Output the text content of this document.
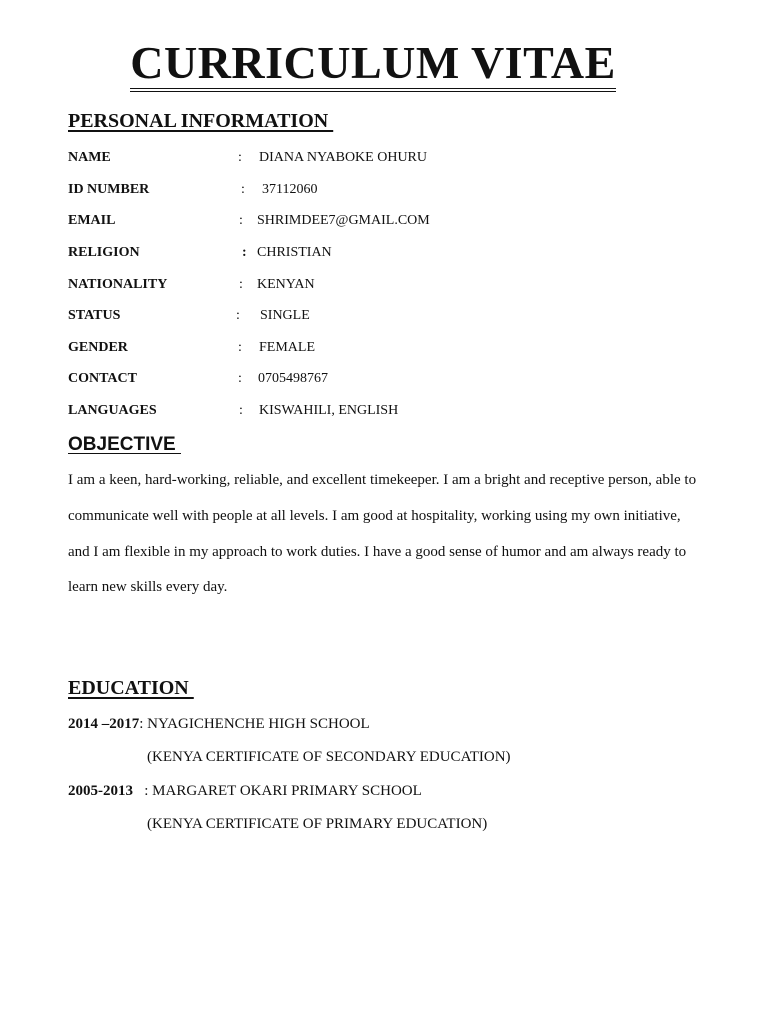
CURRICULUM VITAE
PERSONAL INFORMATION
NAME	: DIANA NYABOKE OHURU
ID NUMBER	: 37112060
EMAIL	: SHRIMDEE7@GMAIL.COM
RELIGION	: CHRISTIAN
NATIONALITY	: KENYAN
STATUS	: SINGLE
GENDER	: FEMALE
CONTACT	: 0705498767
LANGUAGES	: KISWAHILI, ENGLISH
OBJECTIVE

I am a keen, hard-working, reliable, and excellent timekeeper. I am a bright and receptive person, able to communicate well with people at all levels. I am good at hospitality, working using my own initiative, and I am flexible in my approach to work duties. I have a good sense of humor and am always ready to learn new skills every day.

EDUCATION
2014 –2017: NYAGICHENCHE HIGH SCHOOL
(KENYA CERTIFICATE OF SECONDARY EDUCATION)
2005-2013   : MARGARET OKARI PRIMARY SCHOOL
(KENYA CERTIFICATE OF PRIMARY EDUCATION)
